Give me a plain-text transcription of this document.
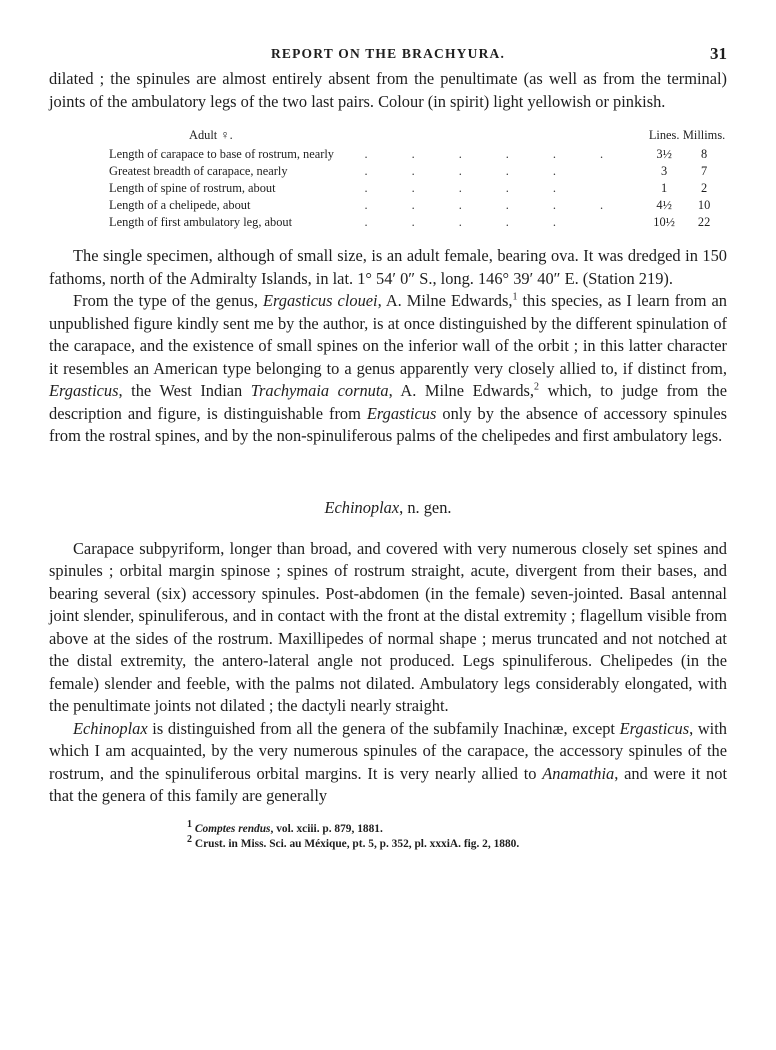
REPORT ON THE BRACHYURA.	31

dilated ; the spinules are almost entirely absent from the penultimate (as well as from the terminal) joints of the ambulatory legs of the two last pairs. Colour (in spirit) light yellowish or pinkish.

Adult ♀.		Lines.	Millims.
Length of carapace to base of rostrum, nearly	......	3½	8
Greatest breadth of carapace, nearly	.....	3	7
Length of spine of rostrum, about	.....	1	2
Length of a chelipede, about	......	4½	10
Length of first ambulatory leg, about	.....	10½	22

The single specimen, although of small size, is an adult female, bearing ova. It was dredged in 150 fathoms, north of the Admiralty Islands, in lat. 1° 54′ 0″ S., long. 146° 39′ 40″ E. (Station 219).

From the type of the genus, Ergasticus clouei, A. Milne Edwards,$^1$ this species, as I learn from an unpublished figure kindly sent me by the author, is at once distinguished by the different spinulation of the carapace, and the existence of small spines on the inferior wall of the orbit ; in this latter character it resembles an American type belonging to a genus apparently very closely allied to, if distinct from, Ergasticus, the West Indian Trachymaia cornuta, A. Milne Edwards,$^2$ which, to judge from the description and figure, is distinguishable from Ergasticus only by the absence of accessory spinules from the rostral spines, and by the non-spinuliferous palms of the chelipedes and first ambulatory legs.

Echinoplax, n. gen.

Carapace subpyriform, longer than broad, and covered with very numerous closely set spines and spinules ; orbital margin spinose ; spines of rostrum straight, acute, divergent from their bases, and bearing several (six) accessory spinules. Post-abdomen (in the female) seven-jointed. Basal antennal joint slender, spinuliferous, and in contact with the front at the distal extremity ; flagellum visible from above at the sides of the rostrum. Maxillipedes of normal shape ; merus truncated and not notched at the distal extremity, the antero-lateral angle not produced. Legs spinuliferous. Chelipedes (in the female) slender and feeble, with the palms not dilated. Ambulatory legs considerably elongated, with the penultimate joints not dilated ; the dactyli nearly straight.

Echinoplax is distinguished from all the genera of the subfamily Inachinæ, except Ergasticus, with which I am acquainted, by the very numerous spinules of the carapace, the accessory spinules of the rostrum, and the spinuliferous orbital margins. It is very nearly allied to Anamathia, and were it not that the genera of this family are generally

$^1$ Comptes rendus, vol. xciii. p. 879, 1881.
$^2$ Crust. in Miss. Sci. au Méxique, pt. 5, p. 352, pl. xxxiA. fig. 2, 1880.
